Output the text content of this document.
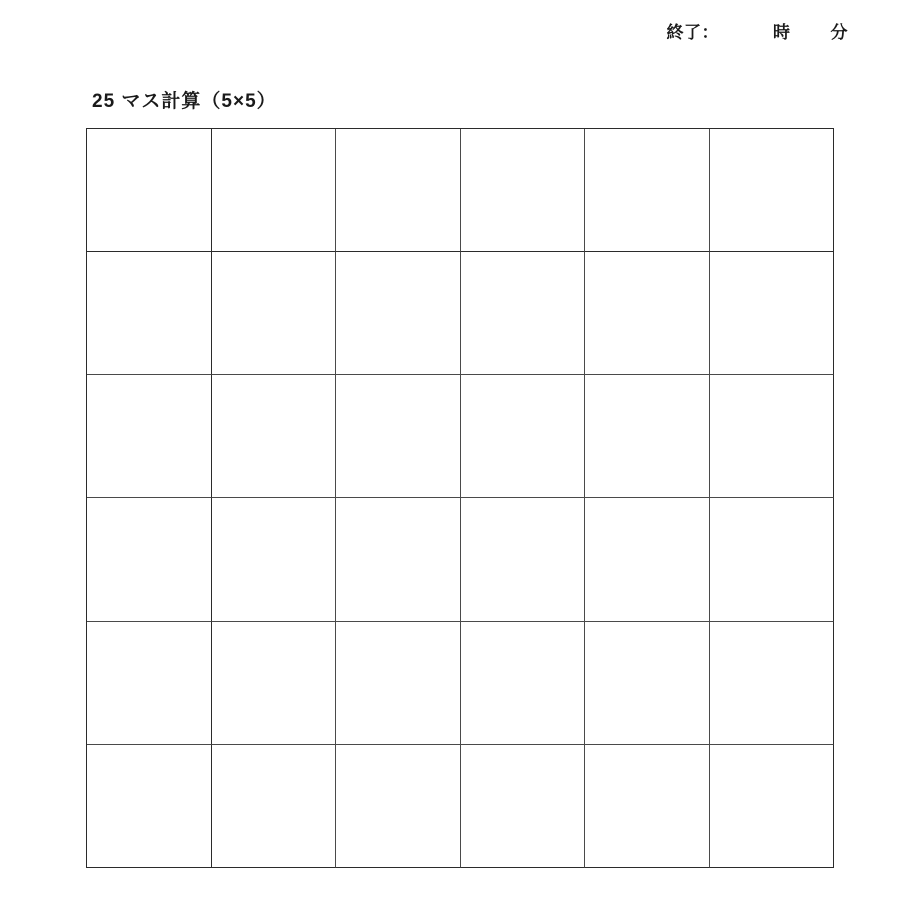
終了：	時 分
25 マス計算（5×5）
